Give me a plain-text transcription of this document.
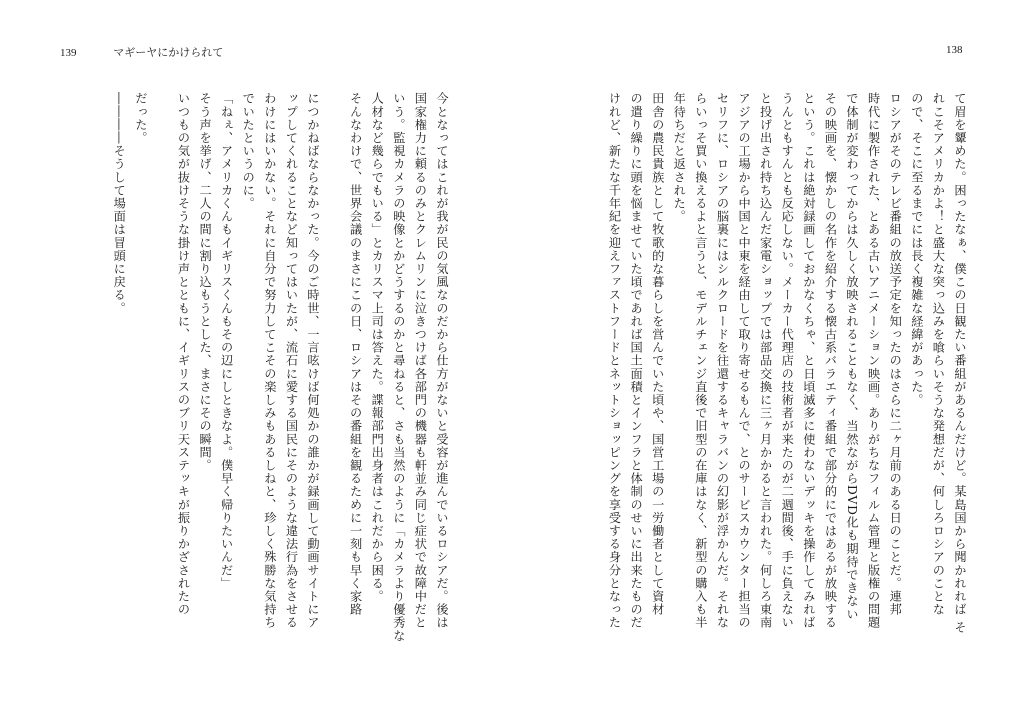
139	マギーヤにかけられて	138
今となってはこれが我が民の気風なのだから仕方がないと受容が進んでいるロシアだ。後は
国家権力に頼るのみとクレムリンに泣きつけば各部門の機器も軒並み同じ症状で故障中だと
いう。監視カメラの映像とかどうするのかと尋ねると、さも当然のように「カメラより優秀な
人材など幾らでもいる」とカリスマ上司は答えた。諜報部門出身者はこれだから困る。
そんなわけで、世界会議のまさにこの日、ロシアはその番組を観るために一刻も早く家路
につかねばならなかった。今のご時世、一言呟けば何処かの誰かが録画して動画サイトにア
ップしてくれることなど知ってはいたが、流石に愛する国民にそのような違法行為をさせる
わけにはいかない。それに自分で努力してこその楽しみもあるしねと、珍しく殊勝な気持ち
でいたというのに。
「ねぇ、アメリカくんもイギリスくんもその辺にしときなよ。僕早く帰りたいんだ」
そう声を挙げ、二人の間に割り込もうとした、まさにその瞬間。
いつもの気が抜けそうな掛け声とともに、イギリスのブリ天ステッキが振りかざされたの
だった。
――――そうして場面は冒頭に戻る。	て眉を顰めた。困ったなぁ、僕この日観たい番組があるんだけど。某島国から聞かれれば そ
れこそアメリカかよ！と盛大な突っ込みを喰らいそうな発想だが、何しろロシアのことな
ので、そこに至るまでには長く複雑な経緯があった。
ロシアがそのテレビ番組の放送予定を知ったのはさらに二ヶ月前のある日のことだ。連邦
時代に製作された、とある古いアニメーション映画。ありがちなフィルム管理と版権の問題
で体制が変わってからは久しく放映されることもなく、当然ながらDVD化も期待できない
その映画を、懐かしの名作を紹介する懐古系バラエティ番組で部分的にではあるが放映する
という。これは絶対録画しておかなくちゃ、と日頃滅多に使わないデッキを操作してみれば
うんともすんとも反応しない。メーカー代理店の技術者が来たのが二週間後、手に負えない
と投げ出され持ち込んだ家電ショップでは部品交換に三ヶ月かかると言われた。何しろ東南
アジアの工場から中国と中東を経由して取り寄せるもんで、とのサービスカウンター担当の
セリフに、ロシアの脳裏にはシルクロードを往還するキャラバンの幻影が浮かんだ。それな
らいっそ買い換えるよと言うと、モデルチェンジ直後で旧型の在庫はなく、新型の購入も半
年待ちだと返された。
田舎の農民貴族として牧歌的な暮らしを営んでいた頃や、国営工場の一労働者として資材
の遣り繰りに頭を悩ませていた頃であれば国土面積とインフラと体制のせいに出来たものだ
けれど、新たな千年紀を迎えファストフードとネットショッピングを享受する身分となった
